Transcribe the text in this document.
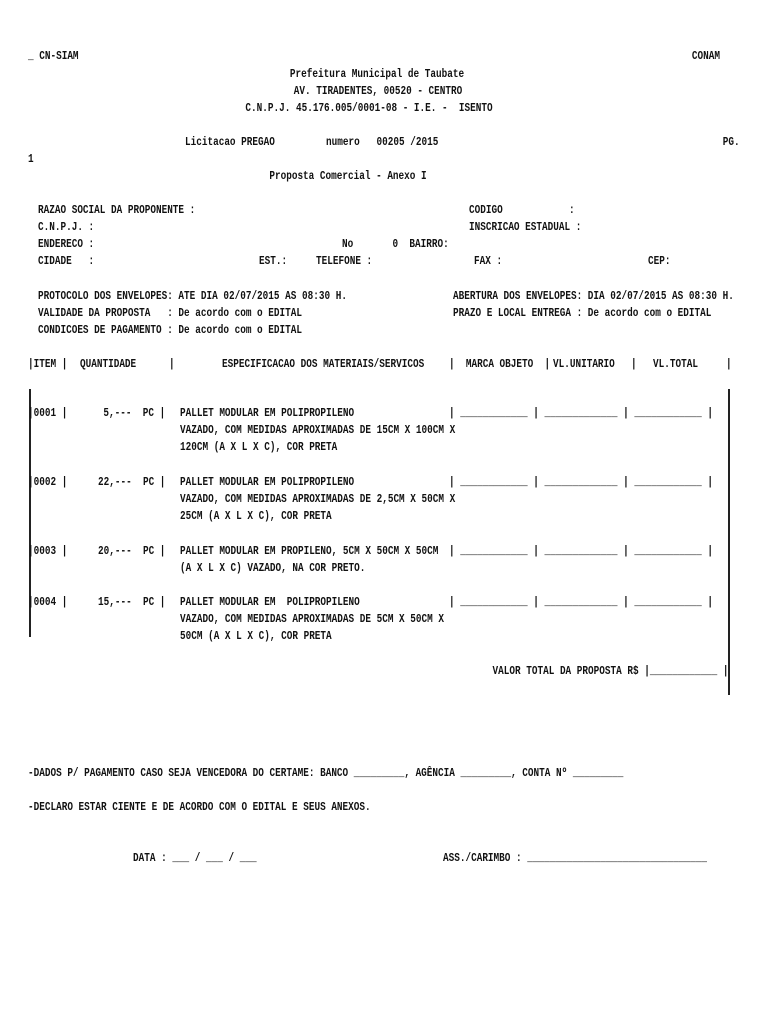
_ CN-SIAM	CONAM
Prefeitura Municipal de Taubate
AV. TIRADENTES, 00520 - CENTRO
C.N.P.J. 45.176.005/0001-08 - I.E. -  ISENTO
Licitacao PREGAO	numero   00205 /2015	PG.
1
Proposta Comercial - Anexo I
RAZAO SOCIAL DA PROPONENTE :
C.N.P.J. :
ENDERECO :
CIDADE   :
CODIGO	:
INSCRICAO ESTADUAL :
No       0  BAIRRO:
EST.: TELEFONE :	FAX :	CEP:
PROTOCOLO DOS ENVELOPES: ATE DIA 02/07/2015 AS 08:30 H.
VALIDADE DA PROPOSTA   : De acordo com o EDITAL
CONDICOES DE PAGAMENTO : De acordo com o EDITAL
ABERTURA DOS ENVELOPES: DIA 02/07/2015 AS 08:30 H.
PRAZO E LOCAL ENTREGA : De acordo com o EDITAL
|ITEM | QUANTIDADE	|	ESPECIFICACAO DOS MATERIAIS/SERVICOS |  MARCA OBJETO  | VL.UNITARIO | VL.TOTAL |
|0001 |	5,---  PC | PALLET MODULAR EM POLIPROPILENO
VAZADO, COM MEDIDAS APROXIMADAS DE 15CM X 100CM X
120CM (A X L X C), COR PRETA
| ____________ | _____________ | ____________ |
|0002 |	22,---  PC | PALLET MODULAR EM POLIPROPILENO
VAZADO, COM MEDIDAS APROXIMADAS DE 2,5CM X 50CM X
25CM (A X L X C), COR PRETA
| ____________ | _____________ | ____________ |
|0003 |	20,---  PC | PALLET MODULAR EM PROPILENO, 5CM X 50CM X 50CM
(A X L X C) VAZADO, NA COR PRETO.
| ____________ | _____________ | ____________ |
|0004 |	15,---  PC | PALLET MODULAR EM  POLIPROPILENO
VAZADO, COM MEDIDAS APROXIMADAS DE 5CM X 50CM X
50CM (A X L X C), COR PRETA
| ____________ | _____________ | ____________ |
VALOR TOTAL DA PROPOSTA R$ |____________ |
-DADOS P/ PAGAMENTO CASO SEJA VENCEDORA DO CERTAME: BANCO _________, AGÊNCIA _________, CONTA Nº _________
-DECLARO ESTAR CIENTE E DE ACORDO COM O EDITAL E SEUS ANEXOS.
DATA : ___ / ___ / ___	ASS./CARIMBO : ________________________________
